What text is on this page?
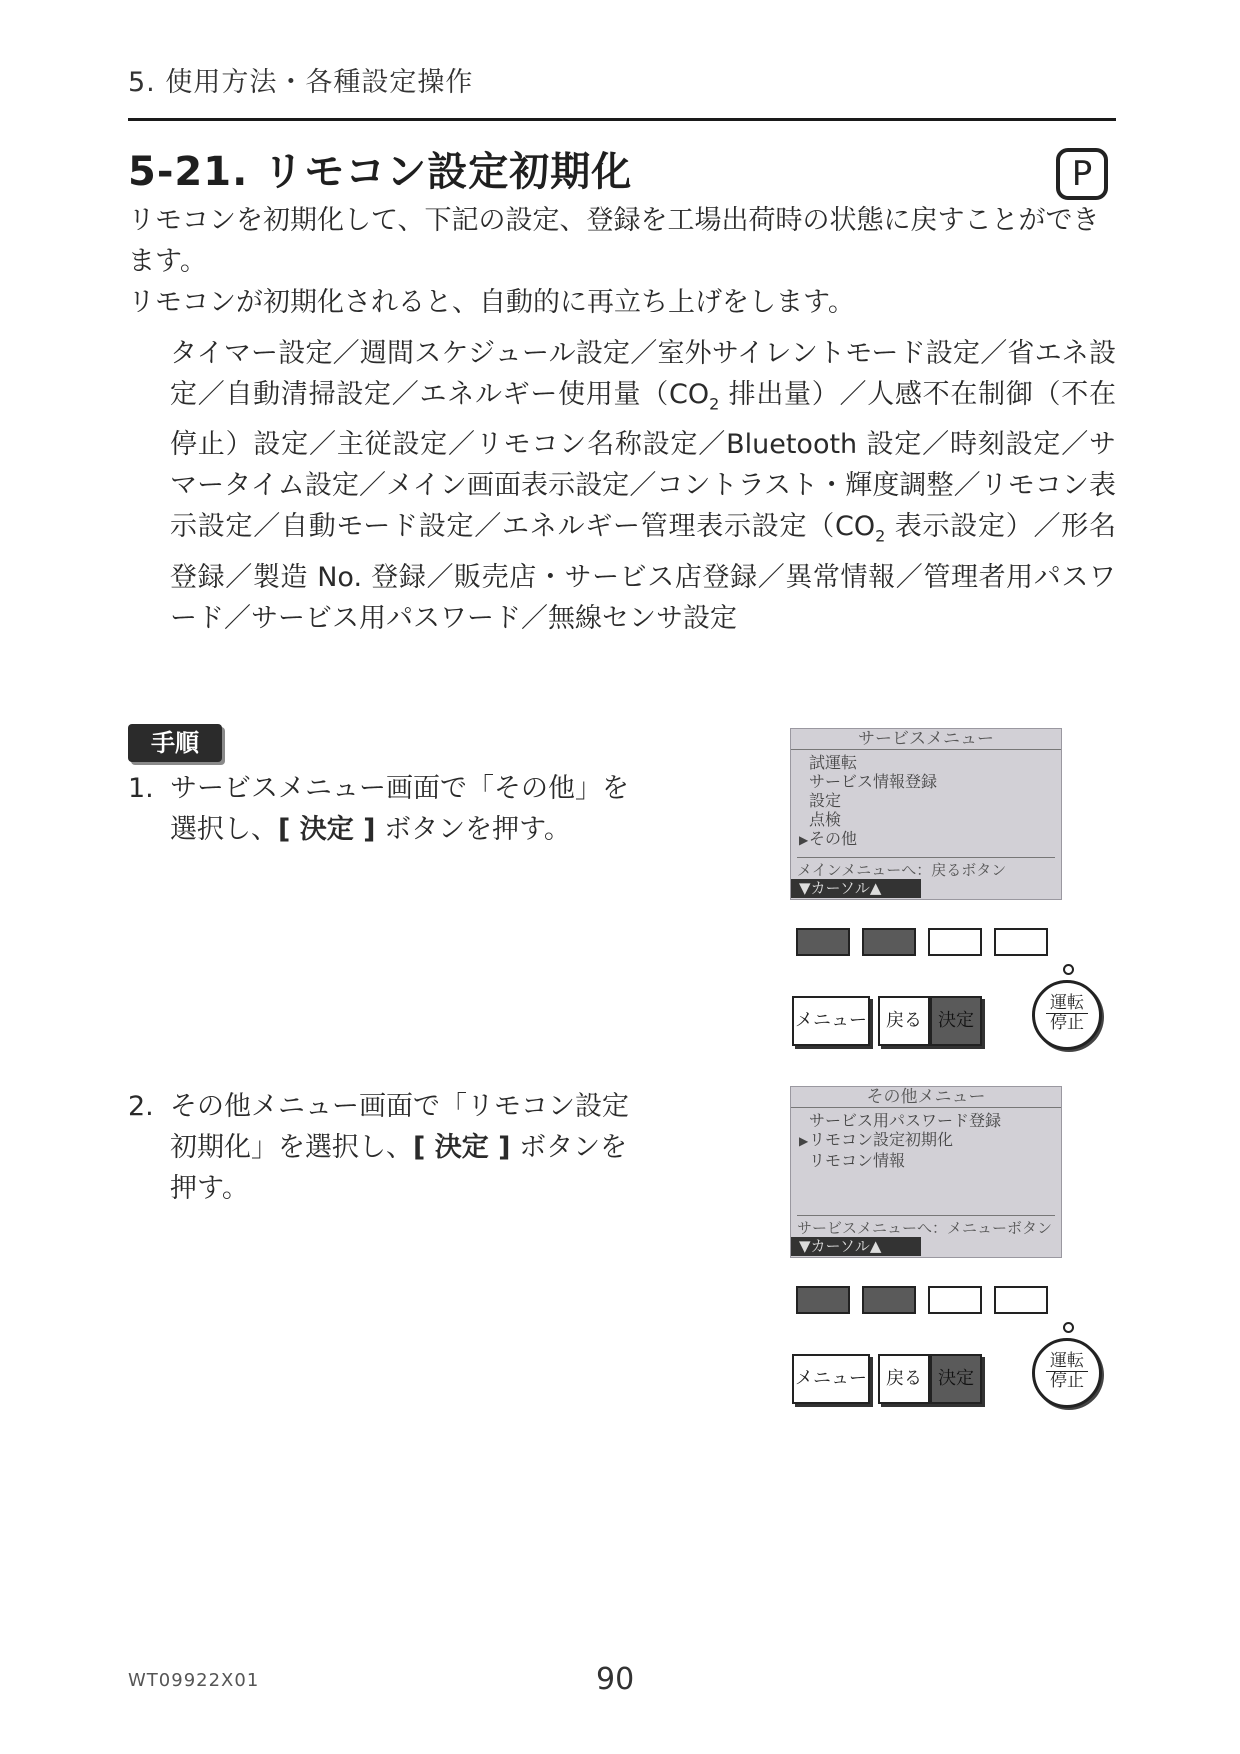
5. 使用方法・各種設定操作
5-21. リモコン設定初期化	P

リモコンを初期化して、下記の設定、登録を工場出荷時の状態に戻すことができます。

リモコンが初期化されると、自動的に再立ち上げをします。

タイマー設定／週間スケジュール設定／室外サイレントモード設定／省エネ設定／自動清掃設定／エネルギー使用量（$CO_2$ 排出量）／人感不在制御（不在停止）設定／主従設定／リモコン名称設定／Bluetooth 設定／時刻設定／サマータイム設定／メイン画面表示設定／コントラスト・輝度調整／リモコン表示設定／自動モード設定／エネルギー管理表示設定（$CO_2$ 表示設定）／形名登録／製造 No. 登録／販売店・サービス店登録／異常情報／管理者用パスワード／サービス用パスワード／無線センサ設定
手順
1. サービスメニュー画面で「その他」を選択し、[ 決定 ] ボタンを押す。
2. その他メニュー画面で「リモコン設定初期化」を選択し、[ 決定 ] ボタンを押す。
サービスメニュー
試運転
サービス情報登録
設定
点検
▶その他
メインメニューへ：戻るボタン
▼カーソル▲
メニュー	戻る 決定
運転
停止
その他メニュー
サービス用パスワード登録
▶リモコン設定初期化
リモコン情報
サービスメニューへ：メニューボタン
▼カーソル▲
メニュー	戻る 決定
運転
停止
WT09922X01	90
